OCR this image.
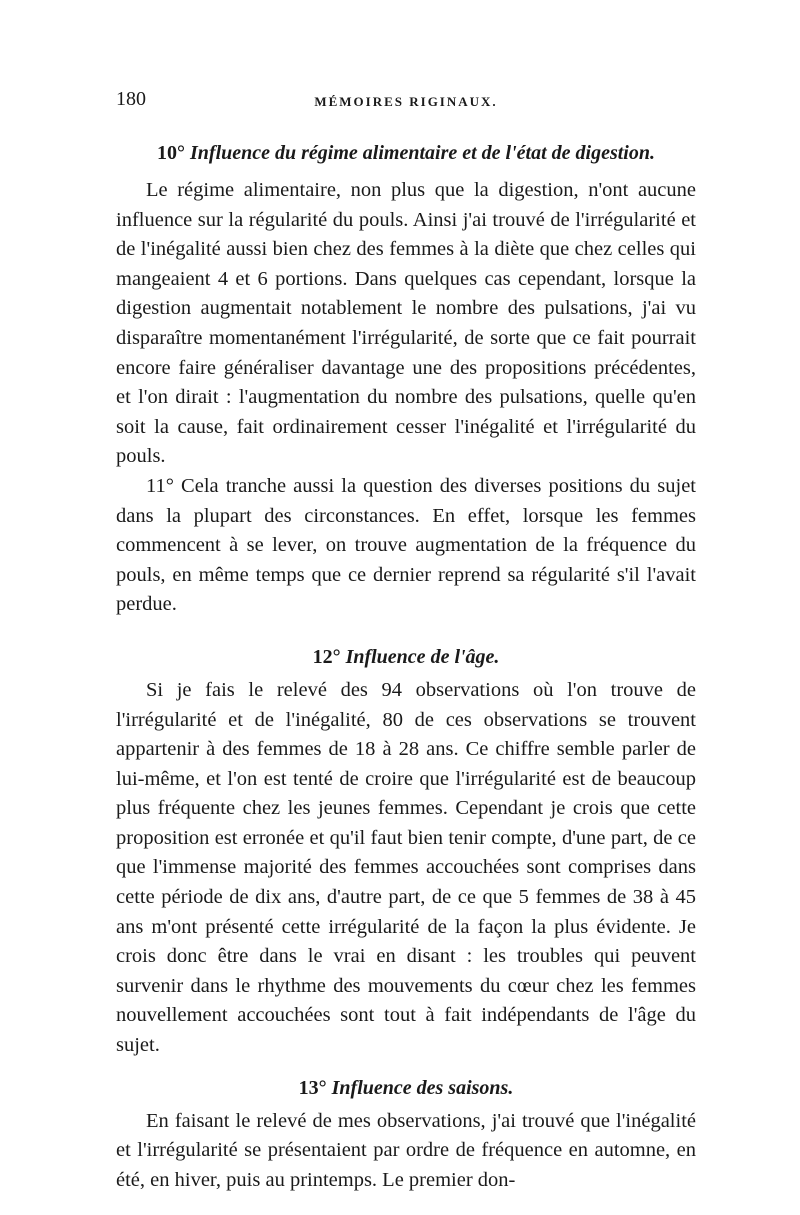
180	MÉMOIRES RIGINAUX.
10° Influence du régime alimentaire et de l'état de digestion.

Le régime alimentaire, non plus que la digestion, n'ont aucune influence sur la régularité du pouls. Ainsi j'ai trouvé de l'irrégularité et de l'inégalité aussi bien chez des femmes à la diète que chez celles qui mangeaient 4 et 6 portions. Dans quelques cas cependant, lorsque la digestion augmentait notablement le nombre des pulsations, j'ai vu disparaître momentanément l'irrégularité, de sorte que ce fait pourrait encore faire généraliser davantage une des propositions précédentes, et l'on dirait : l'augmentation du nombre des pulsations, quelle qu'en soit la cause, fait ordinairement cesser l'inégalité et l'irrégularité du pouls.

11° Cela tranche aussi la question des diverses positions du sujet dans la plupart des circonstances. En effet, lorsque les femmes commencent à se lever, on trouve augmentation de la fréquence du pouls, en même temps que ce dernier reprend sa régularité s'il l'avait perdue.

12° Influence de l'âge.

Si je fais le relevé des 94 observations où l'on trouve de l'irrégularité et de l'inégalité, 80 de ces observations se trouvent appartenir à des femmes de 18 à 28 ans. Ce chiffre semble parler de lui-même, et l'on est tenté de croire que l'irrégularité est de beaucoup plus fréquente chez les jeunes femmes. Cependant je crois que cette proposition est erronée et qu'il faut bien tenir compte, d'une part, de ce que l'immense majorité des femmes accouchées sont comprises dans cette période de dix ans, d'autre part, de ce que 5 femmes de 38 à 45 ans m'ont présenté cette irrégularité de la façon la plus évidente. Je crois donc être dans le vrai en disant : les troubles qui peuvent survenir dans le rhythme des mouvements du cœur chez les femmes nouvellement accouchées sont tout à fait indépendants de l'âge du sujet.

13° Influence des saisons.

En faisant le relevé de mes observations, j'ai trouvé que l'inégalité et l'irrégularité se présentaient par ordre de fréquence en automne, en été, en hiver, puis au printemps. Le premier don-
